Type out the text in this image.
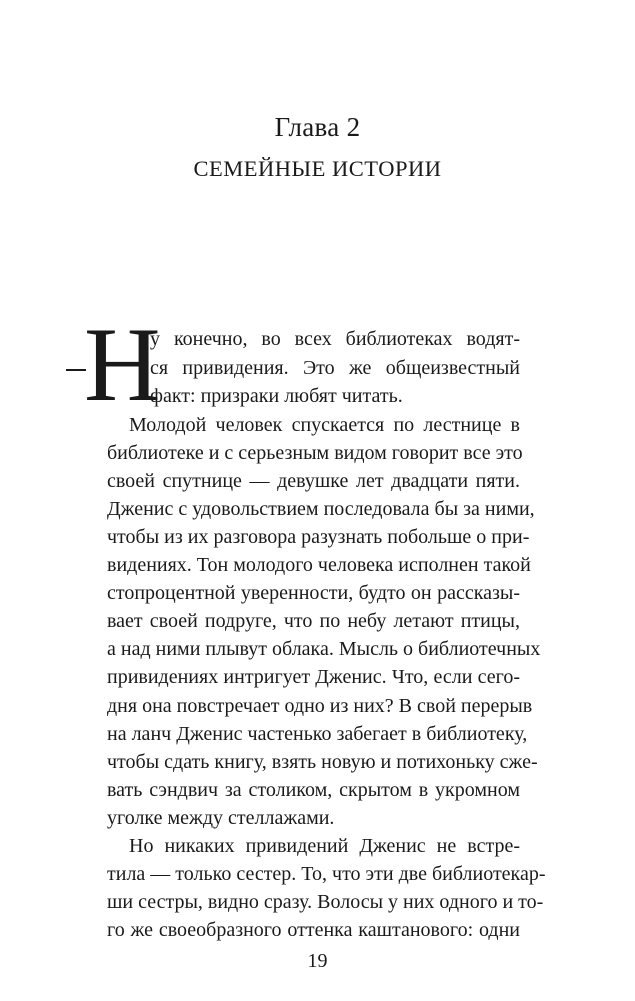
Глава 2
СЕМЕЙНЫЕ ИСТОРИИ
Н

у конечно, во всех библиотеках водят-

ся привидения. Это же общеизвестный

факт: призраки любят читать.

Молодой человек спускается по лестнице в

библиотеке и с серьезным видом говорит все это

своей спутнице — девушке лет двадцати пяти.

Дженис с удовольствием последовала бы за ними,

чтобы из их разговора разузнать побольше о при-

видениях. Тон молодого человека исполнен такой

стопроцентной уверенности, будто он рассказы-

вает своей подруге, что по небу летают птицы,

а над ними плывут облака. Мысль о библиотечных

привидениях интригует Дженис. Что, если сего-

дня она повстречает одно из них? В свой перерыв

на ланч Дженис частенько забегает в библиотеку,

чтобы сдать книгу, взять новую и потихоньку сже-

вать сэндвич за столиком, скрытом в укромном

уголке между стеллажами.

Но никаких привидений Дженис не встре-

тила — только сестер. То, что эти две библиотекар-

ши сестры, видно сразу. Волосы у них одного и то-

го же своеобразного оттенка каштанового: одни

19
